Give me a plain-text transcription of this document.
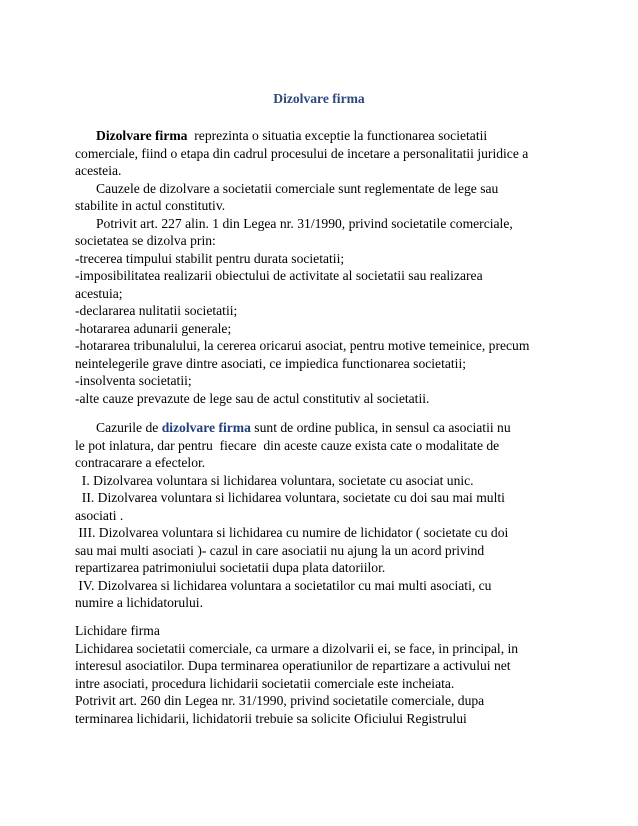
Dizolvare firma
Dizolvare firma  reprezinta o situatia exceptie la functionarea societatii
comerciale, fiind o etapa din cadrul procesului de incetare a personalitatii juridice a
acesteia.
Cauzele de dizolvare a societatii comerciale sunt reglementate de lege sau
stabilite in actul constitutiv.
Potrivit art. 227 alin. 1 din Legea nr. 31/1990, privind societatile comerciale,
societatea se dizolva prin:
-trecerea timpului stabilit pentru durata societatii;
-imposibilitatea realizarii obiectului de activitate al societatii sau realizarea
acestuia;
-declararea nulitatii societatii;
-hotararea adunarii generale;
-hotararea tribunalului, la cererea oricarui asociat, pentru motive temeinice, precum
neintelegerile grave dintre asociati, ce impiedica functionarea societatii;
-insolventa societatii;
-alte cauze prevazute de lege sau de actul constitutiv al societatii.
Cazurile de dizolvare firma sunt de ordine publica, in sensul ca asociatii nu
le pot inlatura, dar pentru  fiecare  din aceste cauze exista cate o modalitate de
contracarare a efectelor.
I. Dizolvarea voluntara si lichidarea voluntara, societate cu asociat unic.
II. Dizolvarea voluntara si lichidarea voluntara, societate cu doi sau mai multi
asociati .
III. Dizolvarea voluntara si lichidarea cu numire de lichidator ( societate cu doi
sau mai multi asociati )- cazul in care asociatii nu ajung la un acord privind
repartizarea patrimoniului societatii dupa plata datoriilor.
IV. Dizolvarea si lichidarea voluntara a societatilor cu mai multi asociati, cu
numire a lichidatorului.
Lichidare firma
Lichidarea societatii comerciale, ca urmare a dizolvarii ei, se face, in principal, in
interesul asociatilor. Dupa terminarea operatiunilor de repartizare a activului net
intre asociati, procedura lichidarii societatii comerciale este incheiata.
Potrivit art. 260 din Legea nr. 31/1990, privind societatile comerciale, dupa
terminarea lichidarii, lichidatorii trebuie sa solicite Oficiului Registrului
